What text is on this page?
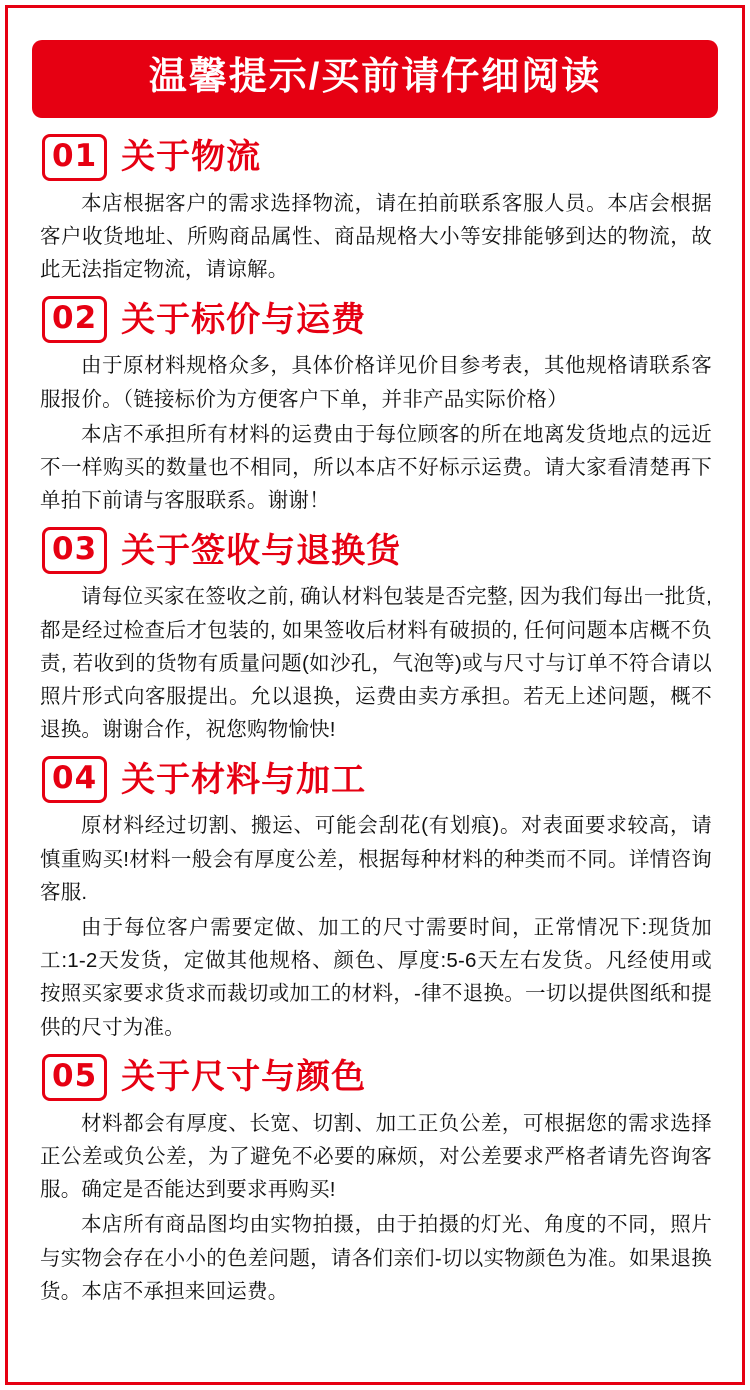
温馨提示/买前请仔细阅读
01 关于物流

本店根据客户的需求选择物流，请在拍前联系客服人员。本店会根据客户收货地址、所购商品属性、商品规格大小等安排能够到达的物流，故此无法指定物流，请谅解。

02 关于标价与运费

由于原材料规格众多，具体价格详见价目参考表，其他规格请联系客服报价。（链接标价为方便客户下单，并非产品实际价格）

本店不承担所有材料的运费由于每位顾客的所在地离发货地点的远近不一样购买的数量也不相同，所以本店不好标示运费。请大家看清楚再下单拍下前请与客服联系。谢谢！

03 关于签收与退换货

请每位买家在签收之前, 确认材料包装是否完整, 因为我们每出一批货, 都是经过检查后才包装的, 如果签收后材料有破损的, 任何问题本店概不负责, 若收到的货物有质量问题(如沙孔，气泡等)或与尺寸与订单不符合请以照片形式向客服提出。允以退换，运费由卖方承担。若无上述问题，概不退换。谢谢合作，祝您购物愉快!

04 关于材料与加工

原材料经过切割、搬运、可能会刮花(有划痕)。对表面要求较高，请慎重购买!材料一般会有厚度公差，根据每种材料的种类而不同。详情咨询客服.

由于每位客户需要定做、加工的尺寸需要时间，正常情况下:现货加工:1-2天发货，定做其他规格、颜色、厚度:5-6天左右发货。凡经使用或按照买家要求货求而裁切或加工的材料，-律不退换。一切以提供图纸和提供的尺寸为准。

05 关于尺寸与颜色

材料都会有厚度、长宽、切割、加工正负公差，可根据您的需求选择正公差或负公差，为了避免不必要的麻烦，对公差要求严格者请先咨询客服。确定是否能达到要求再购买!

本店所有商品图均由实物拍摄，由于拍摄的灯光、角度的不同，照片与实物会存在小小的色差问题，请各们亲们-切以实物颜色为准。如果退换货。本店不承担来回运费。
